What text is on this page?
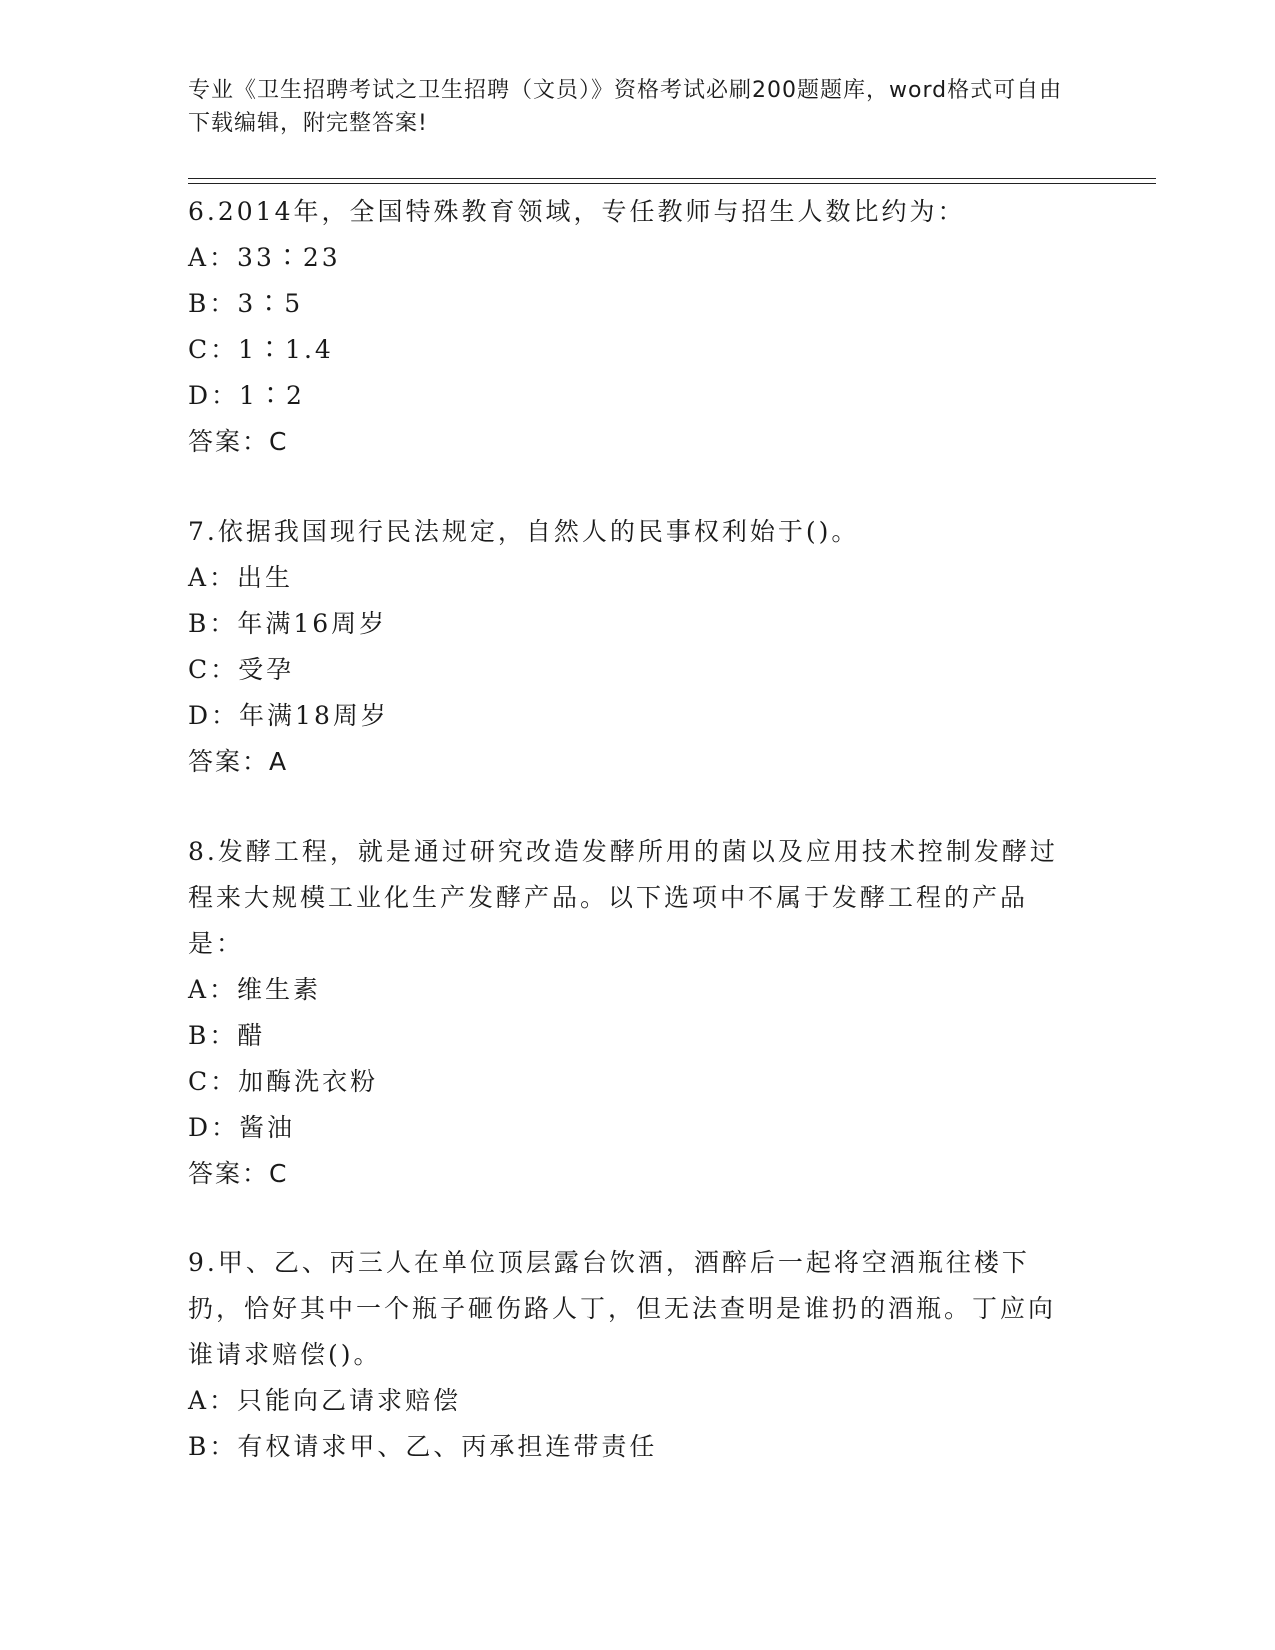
专业《卫生招聘考试之卫生招聘（文员）》资格考试必刷200题题库，word格式可自由下载编辑，附完整答案!
6.2014年，全国特殊教育领域，专任教师与招生人数比约为：
A：33∶23
B：3∶5
C：1∶1.4
D：1∶2
答案：C
7.依据我国现行民法规定，自然人的民事权利始于()。
A：出生
B：年满16周岁
C：受孕
D：年满18周岁
答案：A
8.发酵工程，就是通过研究改造发酵所用的菌以及应用技术控制发酵过程来大规模工业化生产发酵产品。以下选项中不属于发酵工程的产品是：
A：维生素
B：醋
C：加酶洗衣粉
D：酱油
答案：C
9.甲、乙、丙三人在单位顶层露台饮酒，酒醉后一起将空酒瓶往楼下扔，恰好其中一个瓶子砸伤路人丁，但无法查明是谁扔的酒瓶。丁应向谁请求赔偿()。
A：只能向乙请求赔偿
B：有权请求甲、乙、丙承担连带责任
